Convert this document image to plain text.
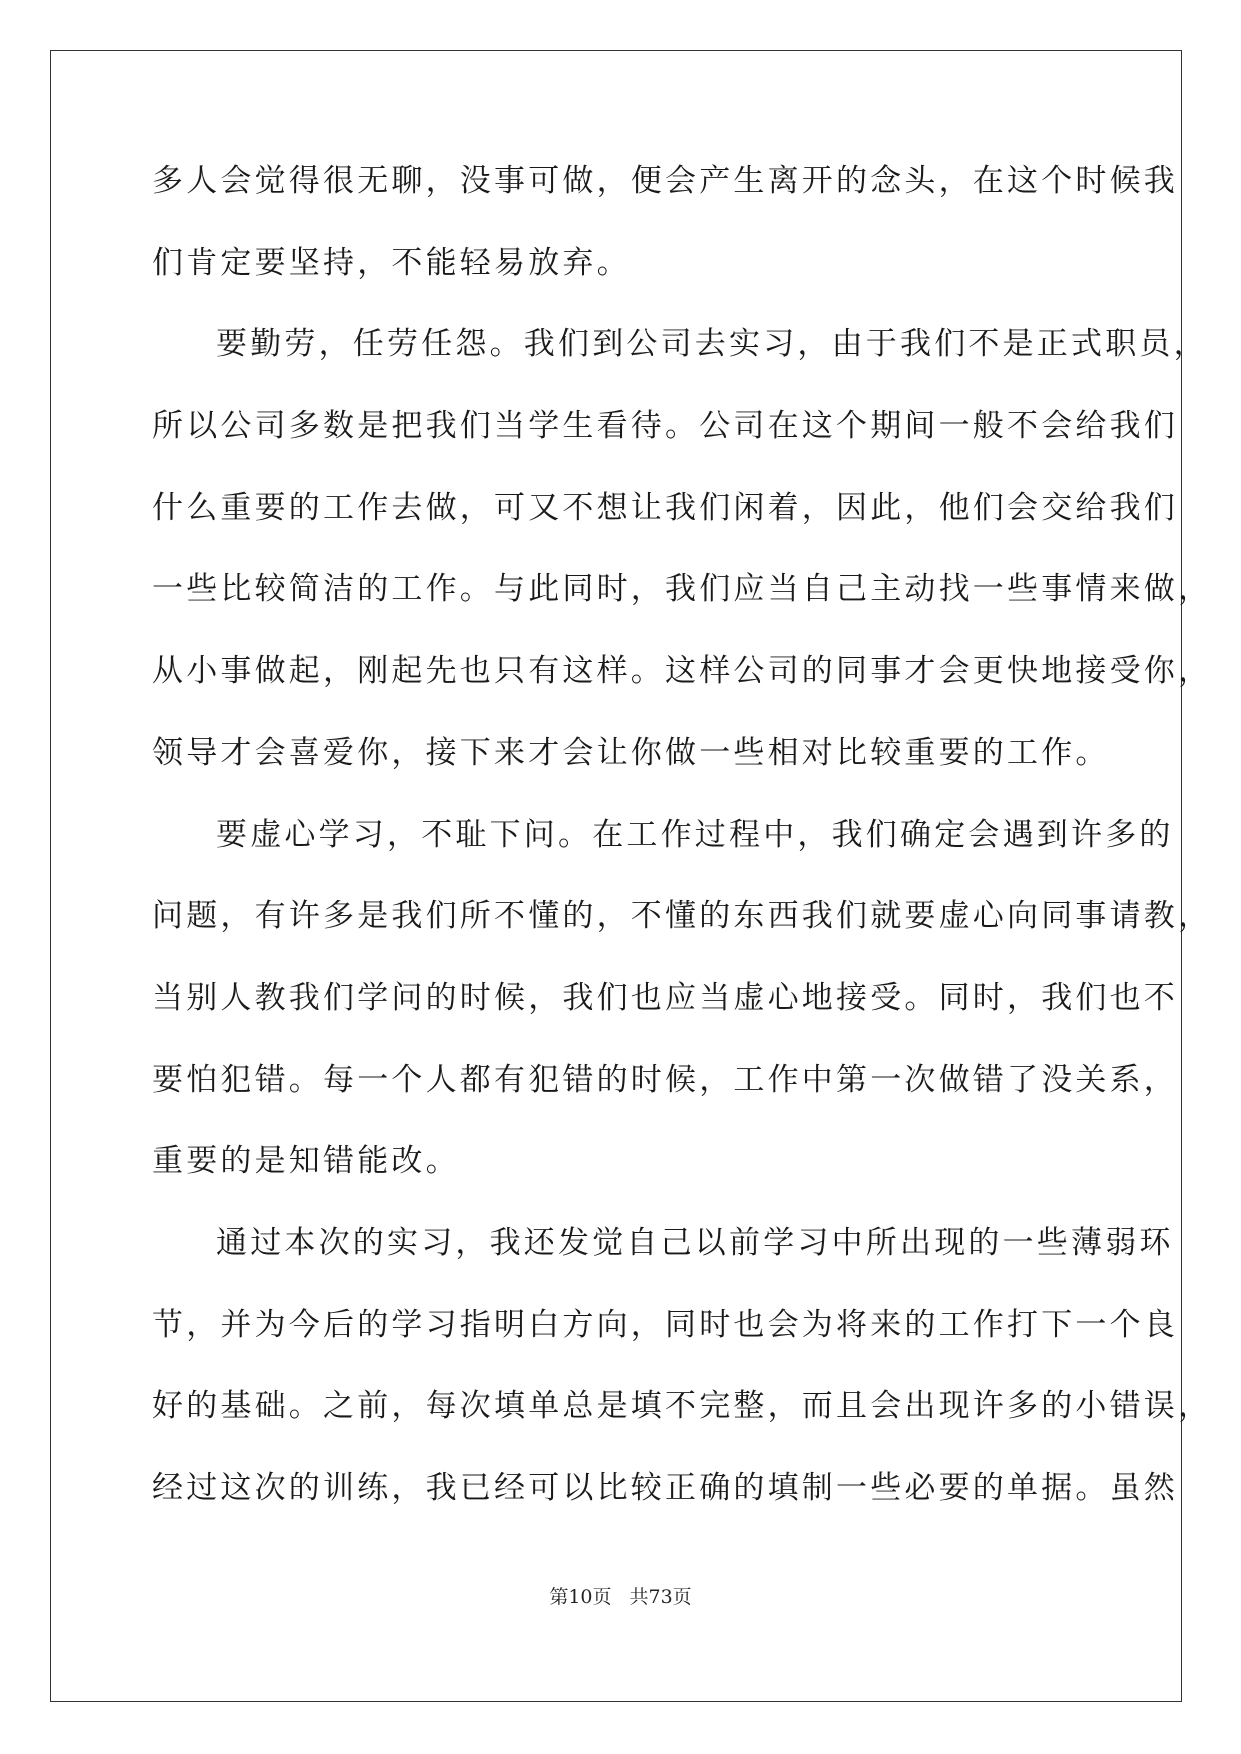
多人会觉得很无聊，没事可做，便会产生离开的念头，在这个时候我
们肯定要坚持，不能轻易放弃。
要勤劳，任劳任怨。我们到公司去实习，由于我们不是正式职员，
所以公司多数是把我们当学生看待。公司在这个期间一般不会给我们
什么重要的工作去做，可又不想让我们闲着，因此，他们会交给我们
一些比较简洁的工作。与此同时，我们应当自己主动找一些事情来做，
从小事做起，刚起先也只有这样。这样公司的同事才会更快地接受你，
领导才会喜爱你，接下来才会让你做一些相对比较重要的工作。
要虚心学习，不耻下问。在工作过程中，我们确定会遇到许多的
问题，有许多是我们所不懂的，不懂的东西我们就要虚心向同事请教，
当别人教我们学问的时候，我们也应当虚心地接受。同时，我们也不
要怕犯错。每一个人都有犯错的时候，工作中第一次做错了没关系，
重要的是知错能改。
通过本次的实习，我还发觉自己以前学习中所出现的一些薄弱环
节，并为今后的学习指明白方向，同时也会为将来的工作打下一个良
好的基础。之前，每次填单总是填不完整，而且会出现许多的小错误，
经过这次的训练，我已经可以比较正确的填制一些必要的单据。虽然
第10页 共73页
